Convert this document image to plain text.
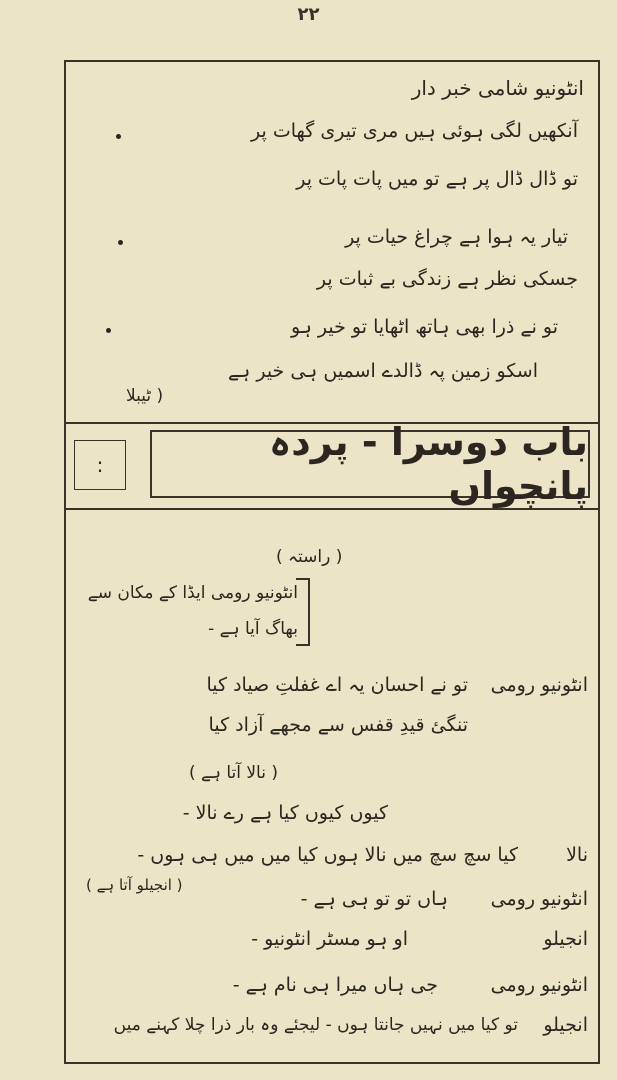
۲۲
انٹونیو شامی خبر دار
آنکھیں لگی ہوئی ہیں مری تیری گھات پر
تو ڈال ڈال پر ہے تو میں پات پات پر
تیار یہ ہوا ہے چراغ حیات پر
جسکی نظر ہے زندگی بے ثبات پر
تو نے ذرا بھی ہاتھ اٹھایا تو خیر ہو
اسکو زمین پہ ڈالدے اسمیں ہی خیر ہے
( ٹیبلا
:
باب دوسرا - پردہ پانچواں
( راستہ )
انٹونیو رومی ایڈا کے مکان سے
بھاگ آیا ہے -
انٹونیو رومی
تو نے احسان یہ اے غفلتِ صیاد کیا
تنگئ قیدِ قفس سے مجھے آزاد کیا
( نالا آتا ہے )
کیوں کیوں کیا ہے رے نالا -
نالا
کیا سچ سچ میں نالا ہوں کیا میں میں ہی ہوں -
انٹونیو رومی
ہاں تو تو ہی ہے -
( انجیلو آتا ہے )
انجیلو
او ہو مسٹر انٹونیو -
انٹونیو رومی
جی ہاں میرا ہی نام ہے -
انجیلو
تو کیا میں نہیں جانتا ہوں - لیجئے وہ بار ذرا چلا کہنے میں
